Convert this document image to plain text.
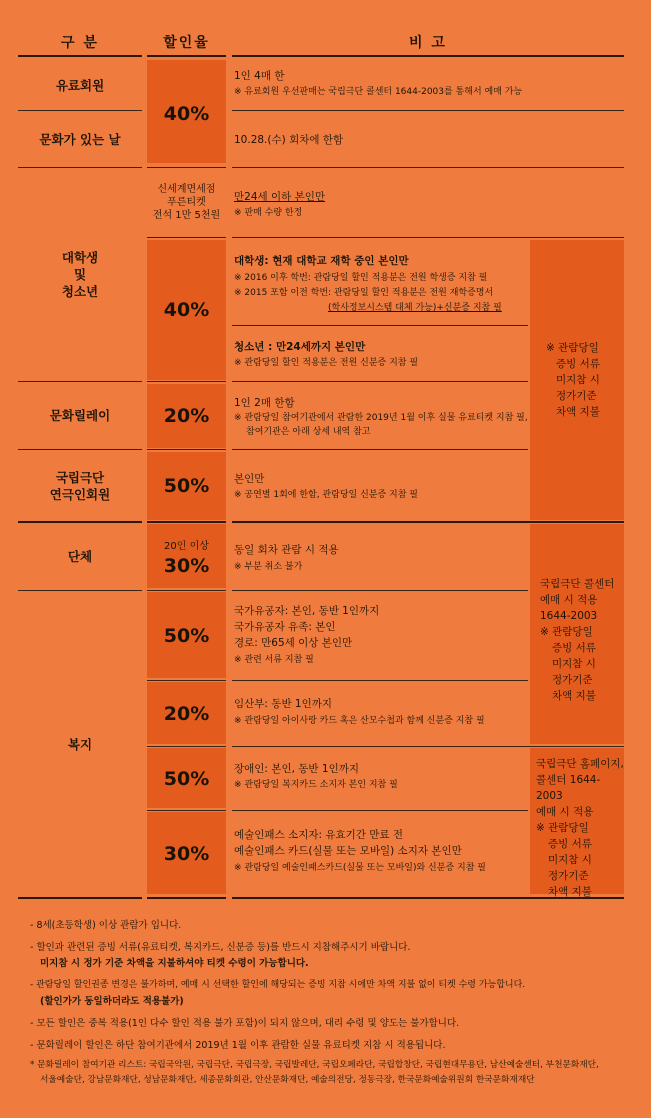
구 분	할인율	비 고
유료회원
문화가 있는 날
대학생
및
청소년
문화릴레이
국립극단
연극인회원
단체
복지
40%
신세계면세점
푸른티켓
전석 1만 5천원
40%
20%
50%
20인 이상
30%
50%
20%
50%
30%
1인 4매 한
※ 유료회원 우선판매는 국립극단 콜센터 1644-2003를 통해서 예매 가능
10.28.(수) 회차에 한함
만24세 이하 본인만
※ 판매 수량 한정
대학생: 현재 대학교 재학 중인 본인만
※ 2016 이후 학번: 관람당일 할인 적용분은 전원 학생증 지참 필
※ 2015 포함 이전 학번: 관람당일 할인 적용분은 전원 재학증명서
(학사정보시스템 대체 가능)+신분증 지참 필
청소년 : 만24세까지 본인만
※ 관람당일 할인 적용분은 전원 신분증 지참 필
1인 2매 한함
※ 관람당일 참여기관에서 관람한 2019년 1월 이후 실물 유료티켓 지참 필,
참여기관은 아래 상세 내역 참고
본인만
※ 공연별 1회에 한함, 관람당일 신분증 지참 필
동일 회차 관람 시 적용
※ 부분 취소 불가
국가유공자: 본인, 동반 1인까지
국가유공자 유족: 본인
경로: 만65세 이상 본인만
※ 관련 서류 지참 필
임산부: 동반 1인까지
※ 관람당일 아이사랑 카드 혹은 산모수첩과 함께 신분증 지참 필
장애인: 본인, 동반 1인까지
※ 관람당일 복지카드 소지자 본인 지참 필
예술인패스 소지자: 유효기간 만료 전
예술인패스 카드(실물 또는 모바일) 소지자 본인만
※ 관람당일 예술인패스카드(실물 또는 모바일)와 신분증 지참 필
※ 관람당일
증빙 서류
미지참 시
정가기준
차액 지불
국립극단 콜센터
예매 시 적용
1644-2003
※ 관람당일
증빙 서류
미지참 시
정가기준
차액 지불
국립극단 홈페이지,
콜센터 1644-2003
예매 시 적용
※ 관람당일
증빙 서류
미지참 시
정가기준
차액 지불
- 8세(초등학생) 이상 관람가 입니다.
- 할인과 관련된 증빙 서류(유료티켓, 복지카드, 신분증 등)를 반드시 지참해주시기 바랍니다.
미지참 시 정가 기준 차액을 지불하셔야 티켓 수령이 가능합니다.
- 관람당일 할인권종 변경은 불가하며, 예매 시 선택한 할인에 해당되는 증빙 지참 시에만 차액 지불 없이 티켓 수령 가능합니다.
(할인가가 동일하더라도 적용불가)
- 모든 할인은 중복 적용(1인 다수 할인 적용 불가 포함)이 되지 않으며, 대리 수령 및 양도는 불가합니다.
- 문화릴레이 할인은 하단 참여기관에서 2019년 1월 이후 관람한 실물 유료티켓 지참 시 적용됩니다.
* 문화릴레이 참여기관 리스트: 국립국악원, 국립극단, 국립극장, 국립발레단, 국립오페라단, 국립합창단, 국립현대무용단, 남산예술센터, 부천문화재단,
서울예술단, 강남문화재단, 성남문화재단, 세종문화회관, 안산문화재단, 예술의전당, 정동극장, 한국문화예술위원회 한국문화재재단
